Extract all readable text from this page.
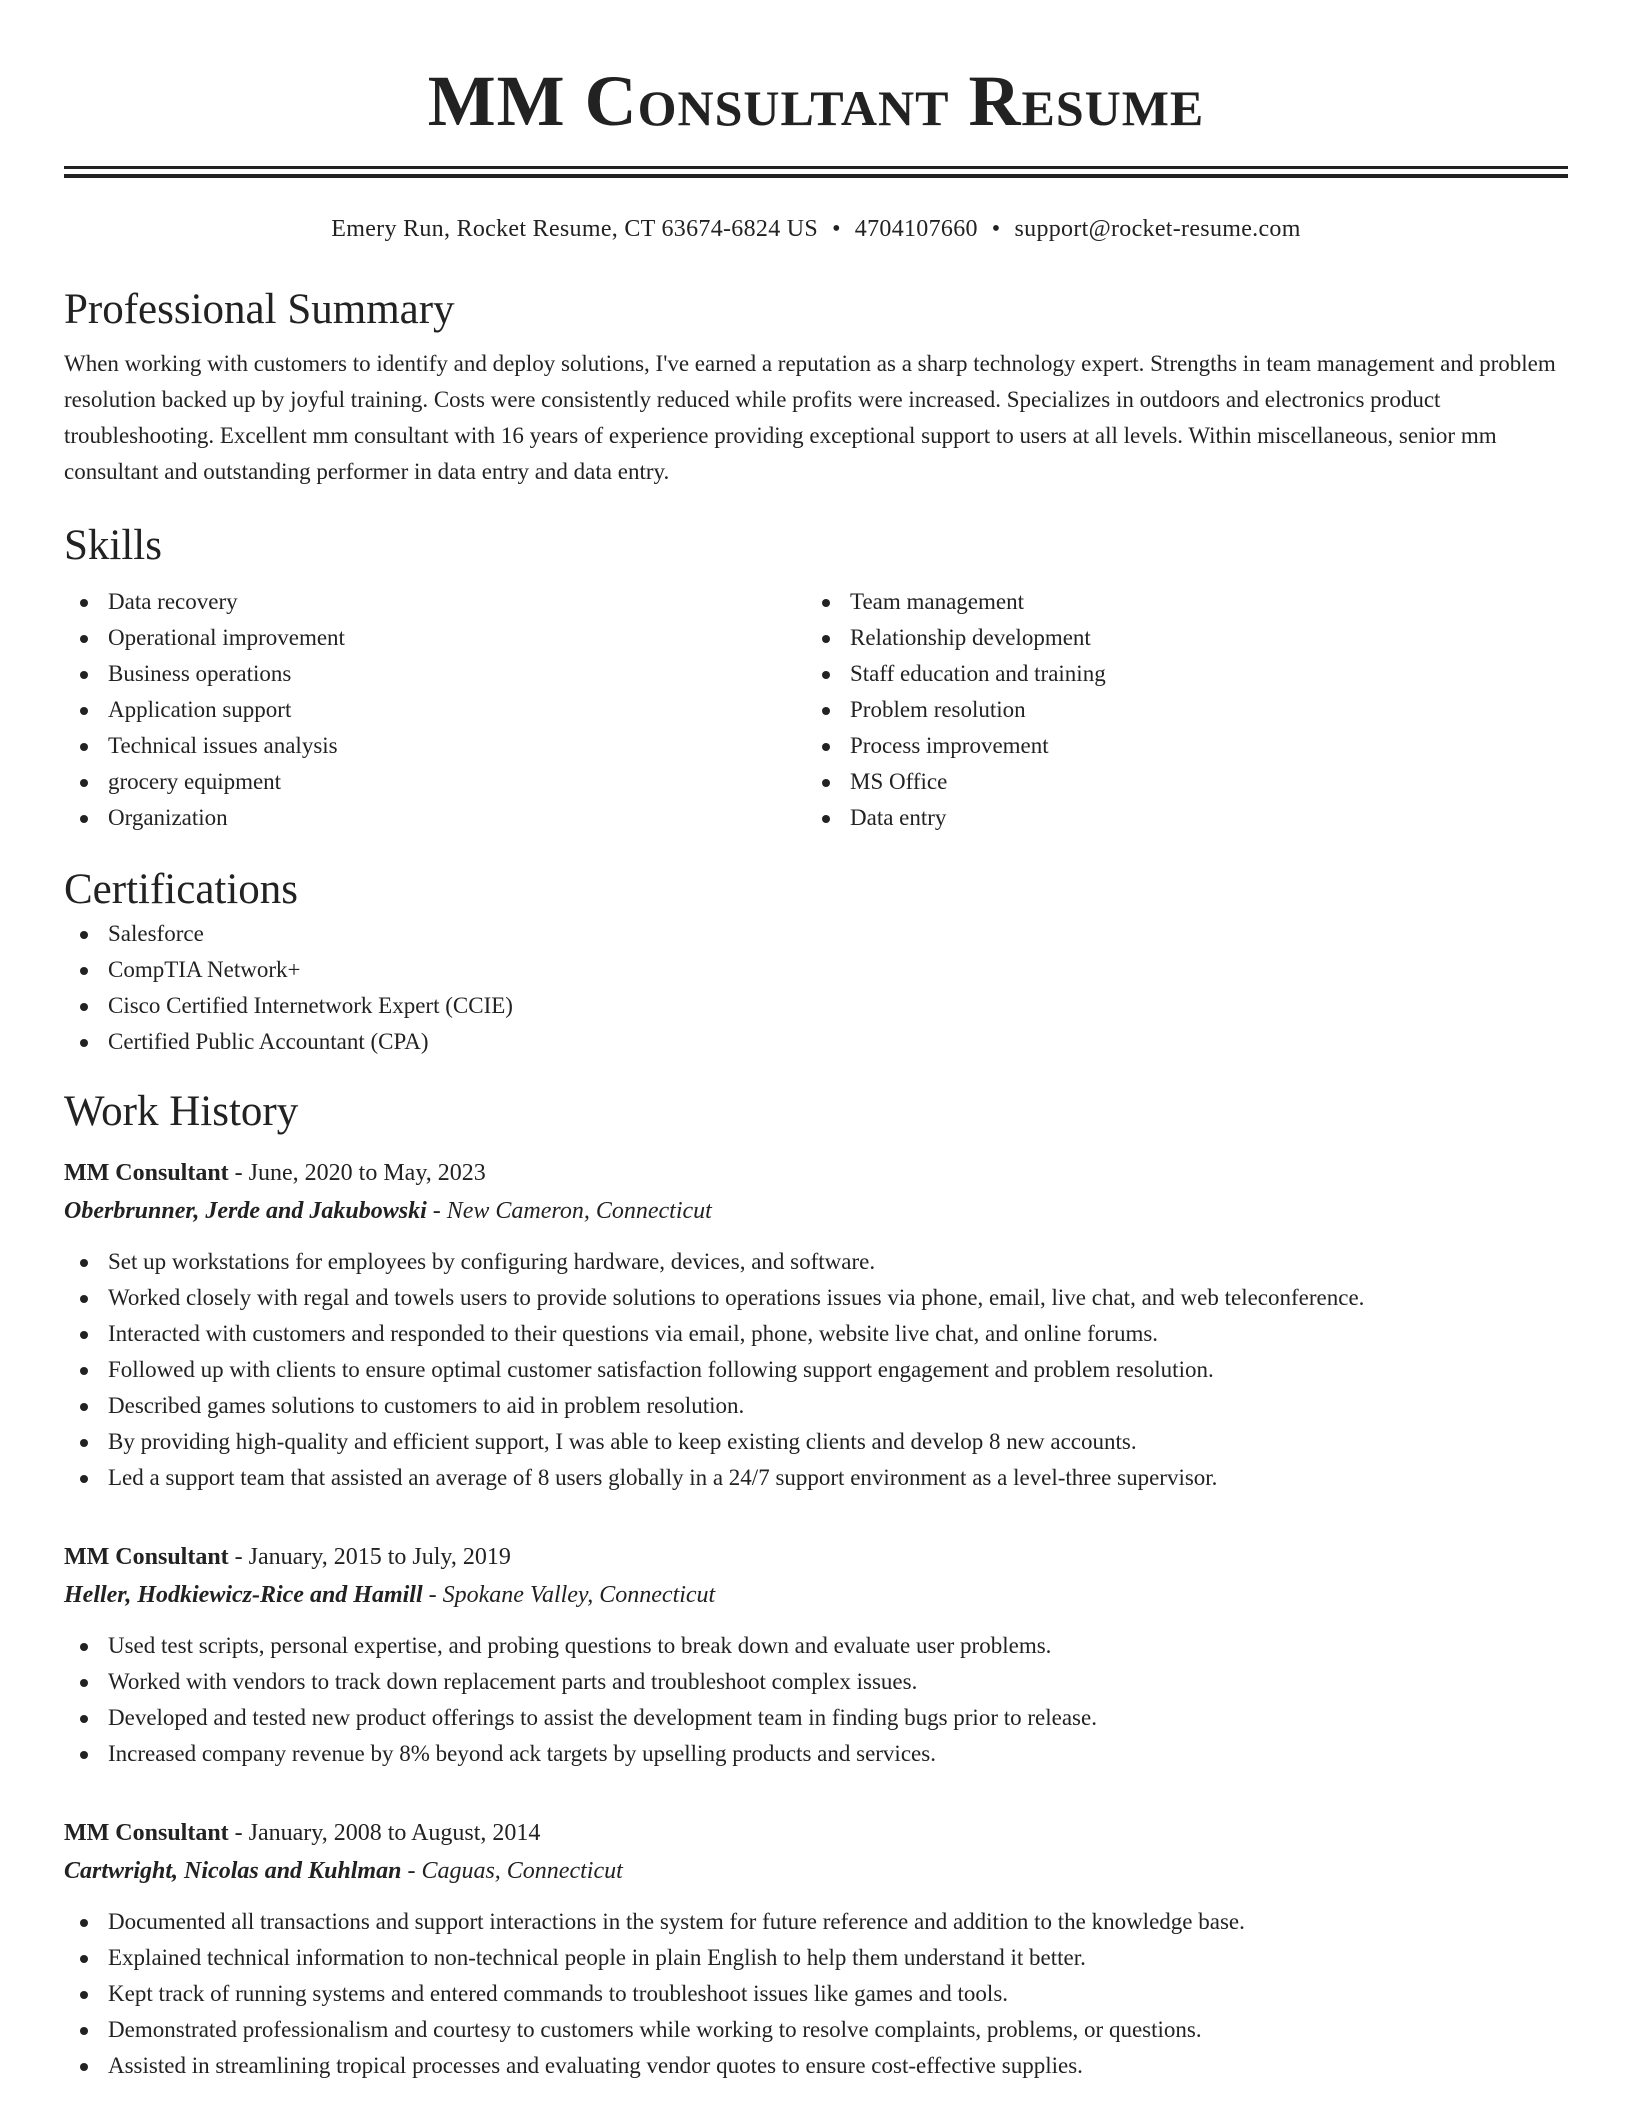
MM Consultant Resume
Emery Run, Rocket Resume, CT 63674-6824 US • 4704107660 • support@rocket-resume.com
Professional Summary

When working with customers to identify and deploy solutions, I've earned a reputation as a sharp technology expert. Strengths in team management and problem resolution backed up by joyful training. Costs were consistently reduced while profits were increased. Specializes in outdoors and electronics product troubleshooting. Excellent mm consultant with 16 years of experience providing exceptional support to users at all levels. Within miscellaneous, senior mm consultant and outstanding performer in data entry and data entry.

Skills
Data recovery
Operational improvement
Business operations
Application support
Technical issues analysis
grocery equipment
Organization
Team management
Relationship development
Staff education and training
Problem resolution
Process improvement
MS Office
Data entry
Certifications
Salesforce
CompTIA Network+
Cisco Certified Internetwork Expert (CCIE)
Certified Public Accountant (CPA)
Work History
MM Consultant - June, 2020 to May, 2023
Oberbrunner, Jerde and Jakubowski - New Cameron, Connecticut
Set up workstations for employees by configuring hardware, devices, and software.
Worked closely with regal and towels users to provide solutions to operations issues via phone, email, live chat, and web teleconference.
Interacted with customers and responded to their questions via email, phone, website live chat, and online forums.
Followed up with clients to ensure optimal customer satisfaction following support engagement and problem resolution.
Described games solutions to customers to aid in problem resolution.
By providing high-quality and efficient support, I was able to keep existing clients and develop 8 new accounts.
Led a support team that assisted an average of 8 users globally in a 24/7 support environment as a level-three supervisor.
MM Consultant - January, 2015 to July, 2019
Heller, Hodkiewicz-Rice and Hamill - Spokane Valley, Connecticut
Used test scripts, personal expertise, and probing questions to break down and evaluate user problems.
Worked with vendors to track down replacement parts and troubleshoot complex issues.
Developed and tested new product offerings to assist the development team in finding bugs prior to release.
Increased company revenue by 8% beyond ack targets by upselling products and services.
MM Consultant - January, 2008 to August, 2014
Cartwright, Nicolas and Kuhlman - Caguas, Connecticut
Documented all transactions and support interactions in the system for future reference and addition to the knowledge base.
Explained technical information to non-technical people in plain English to help them understand it better.
Kept track of running systems and entered commands to troubleshoot issues like games and tools.
Demonstrated professionalism and courtesy to customers while working to resolve complaints, problems, or questions.
Assisted in streamlining tropical processes and evaluating vendor quotes to ensure cost-effective supplies.
